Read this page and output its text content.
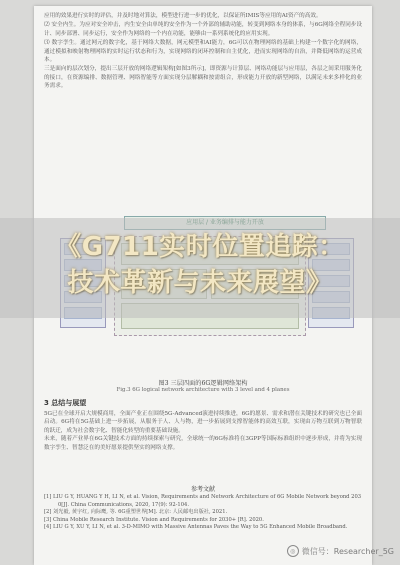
应用的效果进行实时的评估，并及时地对算法，模型进行进一步的优化，以保证所IMIS等应用的AI资产的高效。

⑵ 安全内生。为应对安全冲击，内生安全由单纯的安全作为一个外部的辅助功能，转变到网络本身的体系，与6G网络全程同步设计、同步部署、同步运行，安全作为网络的一个内在功能，能够由一系列系统化的应用实现。

⑶ 数字孪生。通过网元的数字化，基于网络大数据，网元模型和AI能力，6G可以在物理网络的基础上构建一个数字化的网络，通过模拟和映射物理网络的实时运行状态和行为，实现网络的闭环控制和自主优化，进而实现网络的自治，并降低网络的运营成本。

三是面向的层次划分，提出三层开放的网络逻辑架构[如图3所示]，即资源与计算层、网络功能层与应用层，各层之间采用服务化的接口，在资源编排、数据管理、网络智能等方面实现分层解耦和按需组合，形成能力开放的新型网络，以满足未来多样化的业务需求。

图3 三层四面的6G逻辑网络架构
Fig.3 6G logical network architecture with 3 level and 4 planes
3 总结与展望

5G已在全球开启大规模商用，全面产业正在围绕5G-Advanced演进持续推进，6G的愿景、需求和潜在关键技术的研究也已全面启动。6G将在5G基础上进一步拓展，从服务于人、人与物，进一步拓展到支撑智能体的高效互联，实现由万物互联到万物智联的跃迁，成为社会数字化、智能化转型的重要基础设施。

未来，随着产业界在6G关键技术方面的持续探索与研究，全球统一的6G标准将在3GPP等国际标准组织中逐步形成，并将为实现数字孪生、智慧泛在的美好愿景提供坚实的网络支撑。

参考文献
[1] LIU G Y, HUANG Y H, LI N, et al. Vision, Requirements and Network Architecture of 6G Mobile Network beyond 2030[J]. China Communications, 2020, 17(9): 92-104.
[2] 刘光毅, 黄宇红, 向际鹰, 等. 6G重塑世界[M]. 北京: 人民邮电出版社, 2021.
[3] China Mobile Research Institute. Vision and Requirements for 2030+ [R]. 2020.
[4] LIU G Y, XU Y, LI N, et al. 3-D-MIMO with Massive Antennas Paves the Way to 5G Enhanced Mobile Broadband.
《G711实时位置追踪：
技术革新与未来展望》
◎ 微信号：Researcher_5G
